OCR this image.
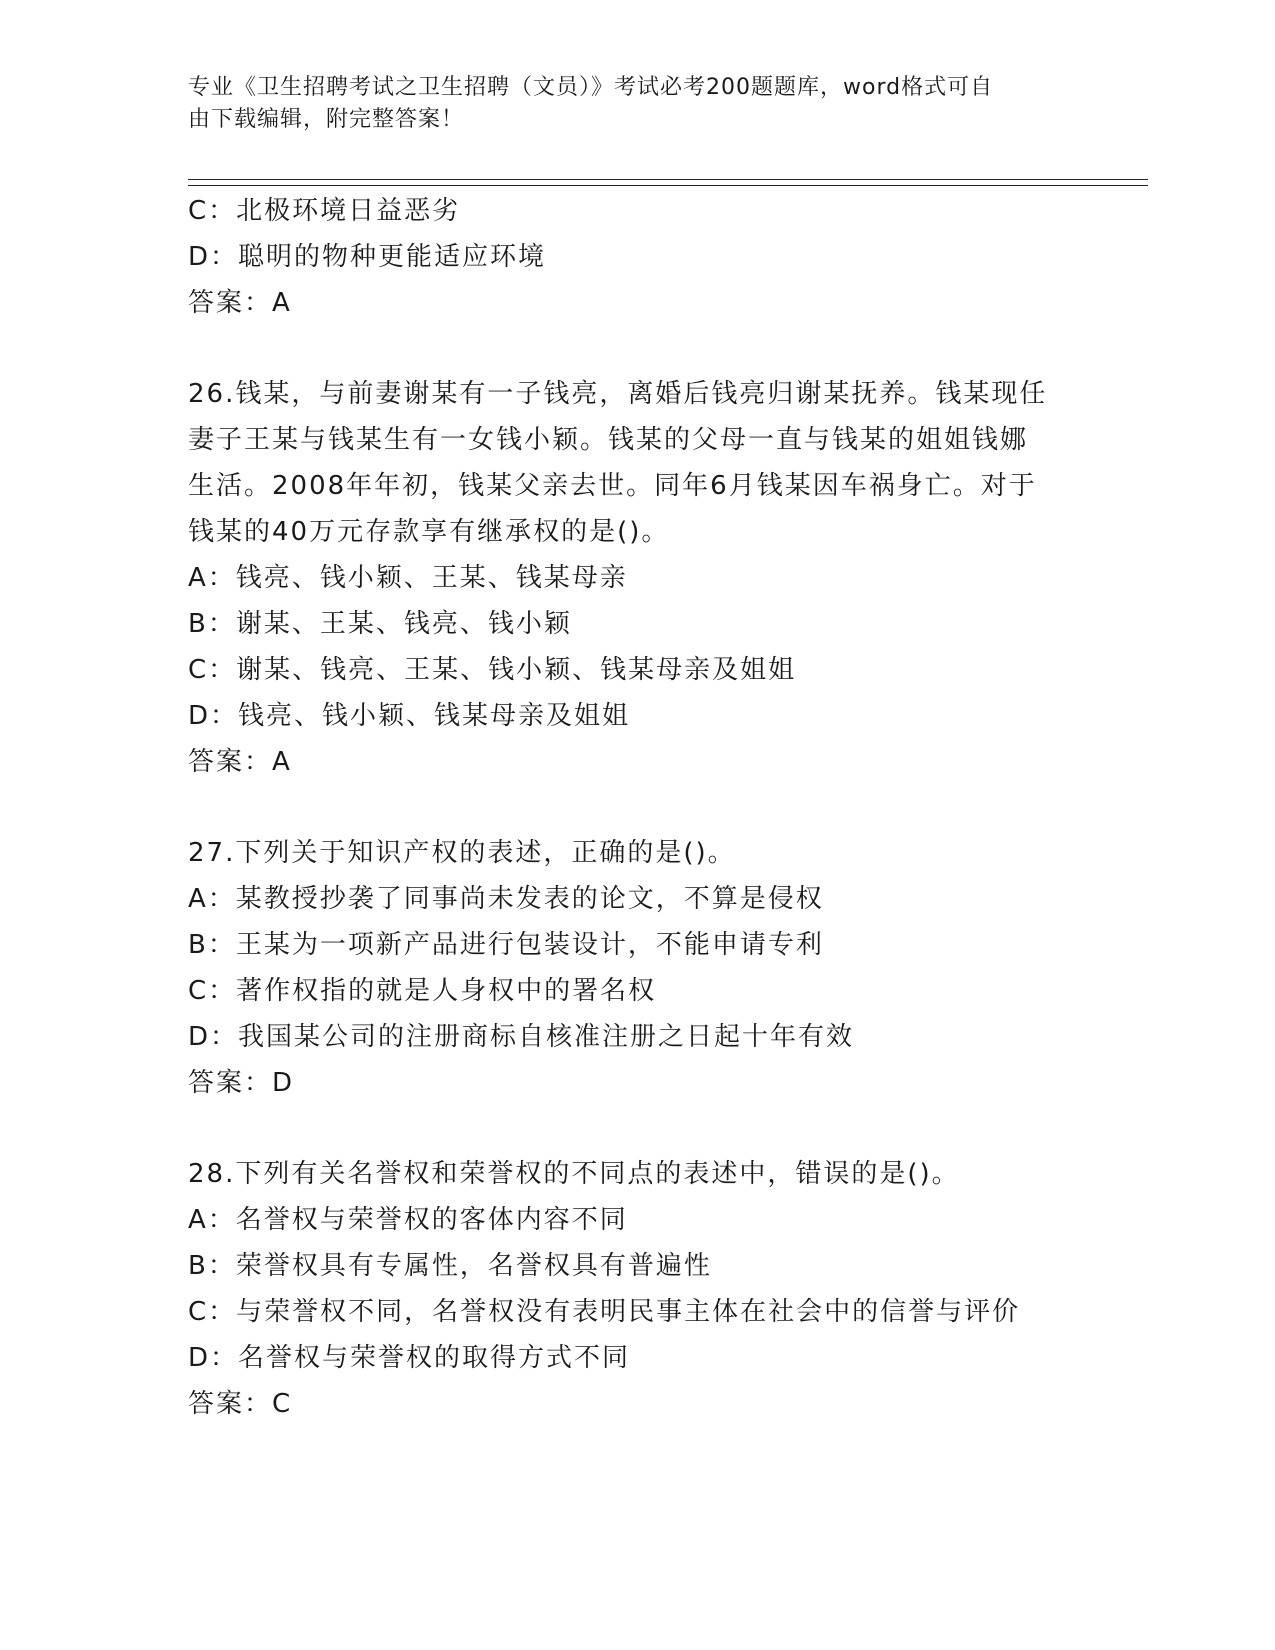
专业《卫生招聘考试之卫生招聘（文员）》考试必考200题题库，word格式可自
由下载编辑，附完整答案！
C：北极环境日益恶劣
D：聪明的物种更能适应环境
答案：A
26.钱某，与前妻谢某有一子钱亮，离婚后钱亮归谢某抚养。钱某现任
妻子王某与钱某生有一女钱小颖。钱某的父母一直与钱某的姐姐钱娜
生活。2008年年初，钱某父亲去世。同年6月钱某因车祸身亡。对于
钱某的40万元存款享有继承权的是()。
A：钱亮、钱小颖、王某、钱某母亲
B：谢某、王某、钱亮、钱小颖
C：谢某、钱亮、王某、钱小颖、钱某母亲及姐姐
D：钱亮、钱小颖、钱某母亲及姐姐
答案：A
27.下列关于知识产权的表述，正确的是()。
A：某教授抄袭了同事尚未发表的论文，不算是侵权
B：王某为一项新产品进行包装设计，不能申请专利
C：著作权指的就是人身权中的署名权
D：我国某公司的注册商标自核准注册之日起十年有效
答案：D
28.下列有关名誉权和荣誉权的不同点的表述中，错误的是()。
A：名誉权与荣誉权的客体内容不同
B：荣誉权具有专属性，名誉权具有普遍性
C：与荣誉权不同，名誉权没有表明民事主体在社会中的信誉与评价
D：名誉权与荣誉权的取得方式不同
答案：C
